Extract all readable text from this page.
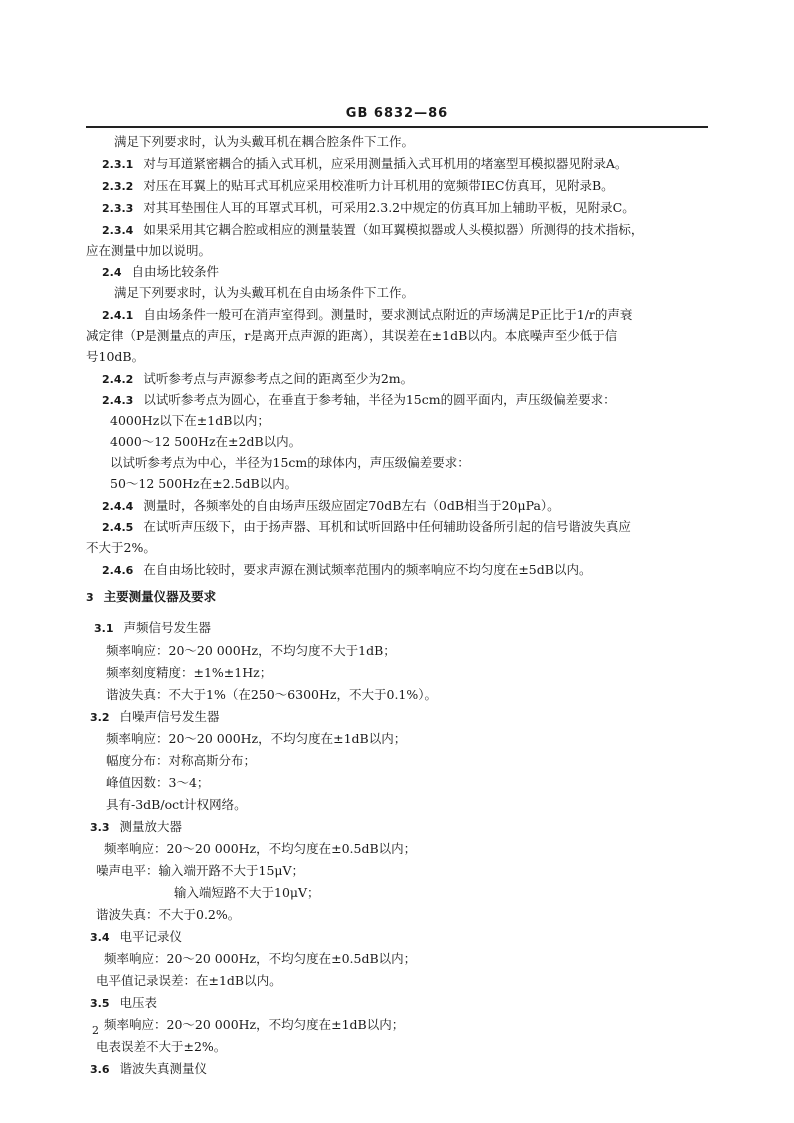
GB 6832—86
满足下列要求时，认为头戴耳机在耦合腔条件下工作。
2.3.1 对与耳道紧密耦合的插入式耳机，应采用测量插入式耳机用的堵塞型耳模拟器见附录A。
2.3.2 对压在耳翼上的贴耳式耳机应采用校准听力计耳机用的宽频带IEC仿真耳，见附录B。
2.3.3 对其耳垫围住人耳的耳罩式耳机，可采用2.3.2中规定的仿真耳加上辅助平板，见附录C。
2.3.4 如果采用其它耦合腔或相应的测量装置（如耳翼模拟器或人头模拟器）所测得的技术指标，
应在测量中加以说明。
2.4 自由场比较条件
满足下列要求时，认为头戴耳机在自由场条件下工作。
2.4.1 自由场条件一般可在消声室得到。测量时，要求测试点附近的声场满足P正比于1/r的声衰
减定律（P是测量点的声压，r是离开点声源的距离），其误差在±1dB以内。本底噪声至少低于信
号10dB。
2.4.2 试听参考点与声源参考点之间的距离至少为2m。
2.4.3 以试听参考点为圆心，在垂直于参考轴，半径为15cm的圆平面内，声压级偏差要求：
4000Hz以下在±1dB以内；
4000～12 500Hz在±2dB以内。
以试听参考点为中心，半径为15cm的球体内，声压级偏差要求：
50～12 500Hz在±2.5dB以内。
2.4.4 测量时，各频率处的自由场声压级应固定70dB左右（0dB相当于20μPa）。
2.4.5 在试听声压级下，由于扬声器、耳机和试听回路中任何辅助设备所引起的信号谐波失真应
不大于2%。
2.4.6 在自由场比较时，要求声源在测试频率范围内的频率响应不均匀度在±5dB以内。
3 主要测量仪器及要求
3.1 声频信号发生器
频率响应：20～20 000Hz，不均匀度不大于1dB；
频率刻度精度：±1%±1Hz；
谐波失真：不大于1%（在250～6300Hz，不大于0.1%）。
3.2 白噪声信号发生器
频率响应：20～20 000Hz，不均匀度在±1dB以内；
幅度分布：对称高斯分布；
峰值因数：3～4；
具有-3dB/oct计权网络。
3.3 测量放大器
频率响应：20～20 000Hz，不均匀度在±0.5dB以内；
噪声电平：输入端开路不大于15μV；
输入端短路不大于10μV；
谐波失真：不大于0.2%。
3.4 电平记录仪
频率响应：20～20 000Hz，不均匀度在±0.5dB以内；
电平值记录误差：在±1dB以内。
3.5 电压表
频率响应：20～20 000Hz，不均匀度在±1dB以内；
电表误差不大于±2%。
3.6 谐波失真测量仪
2
